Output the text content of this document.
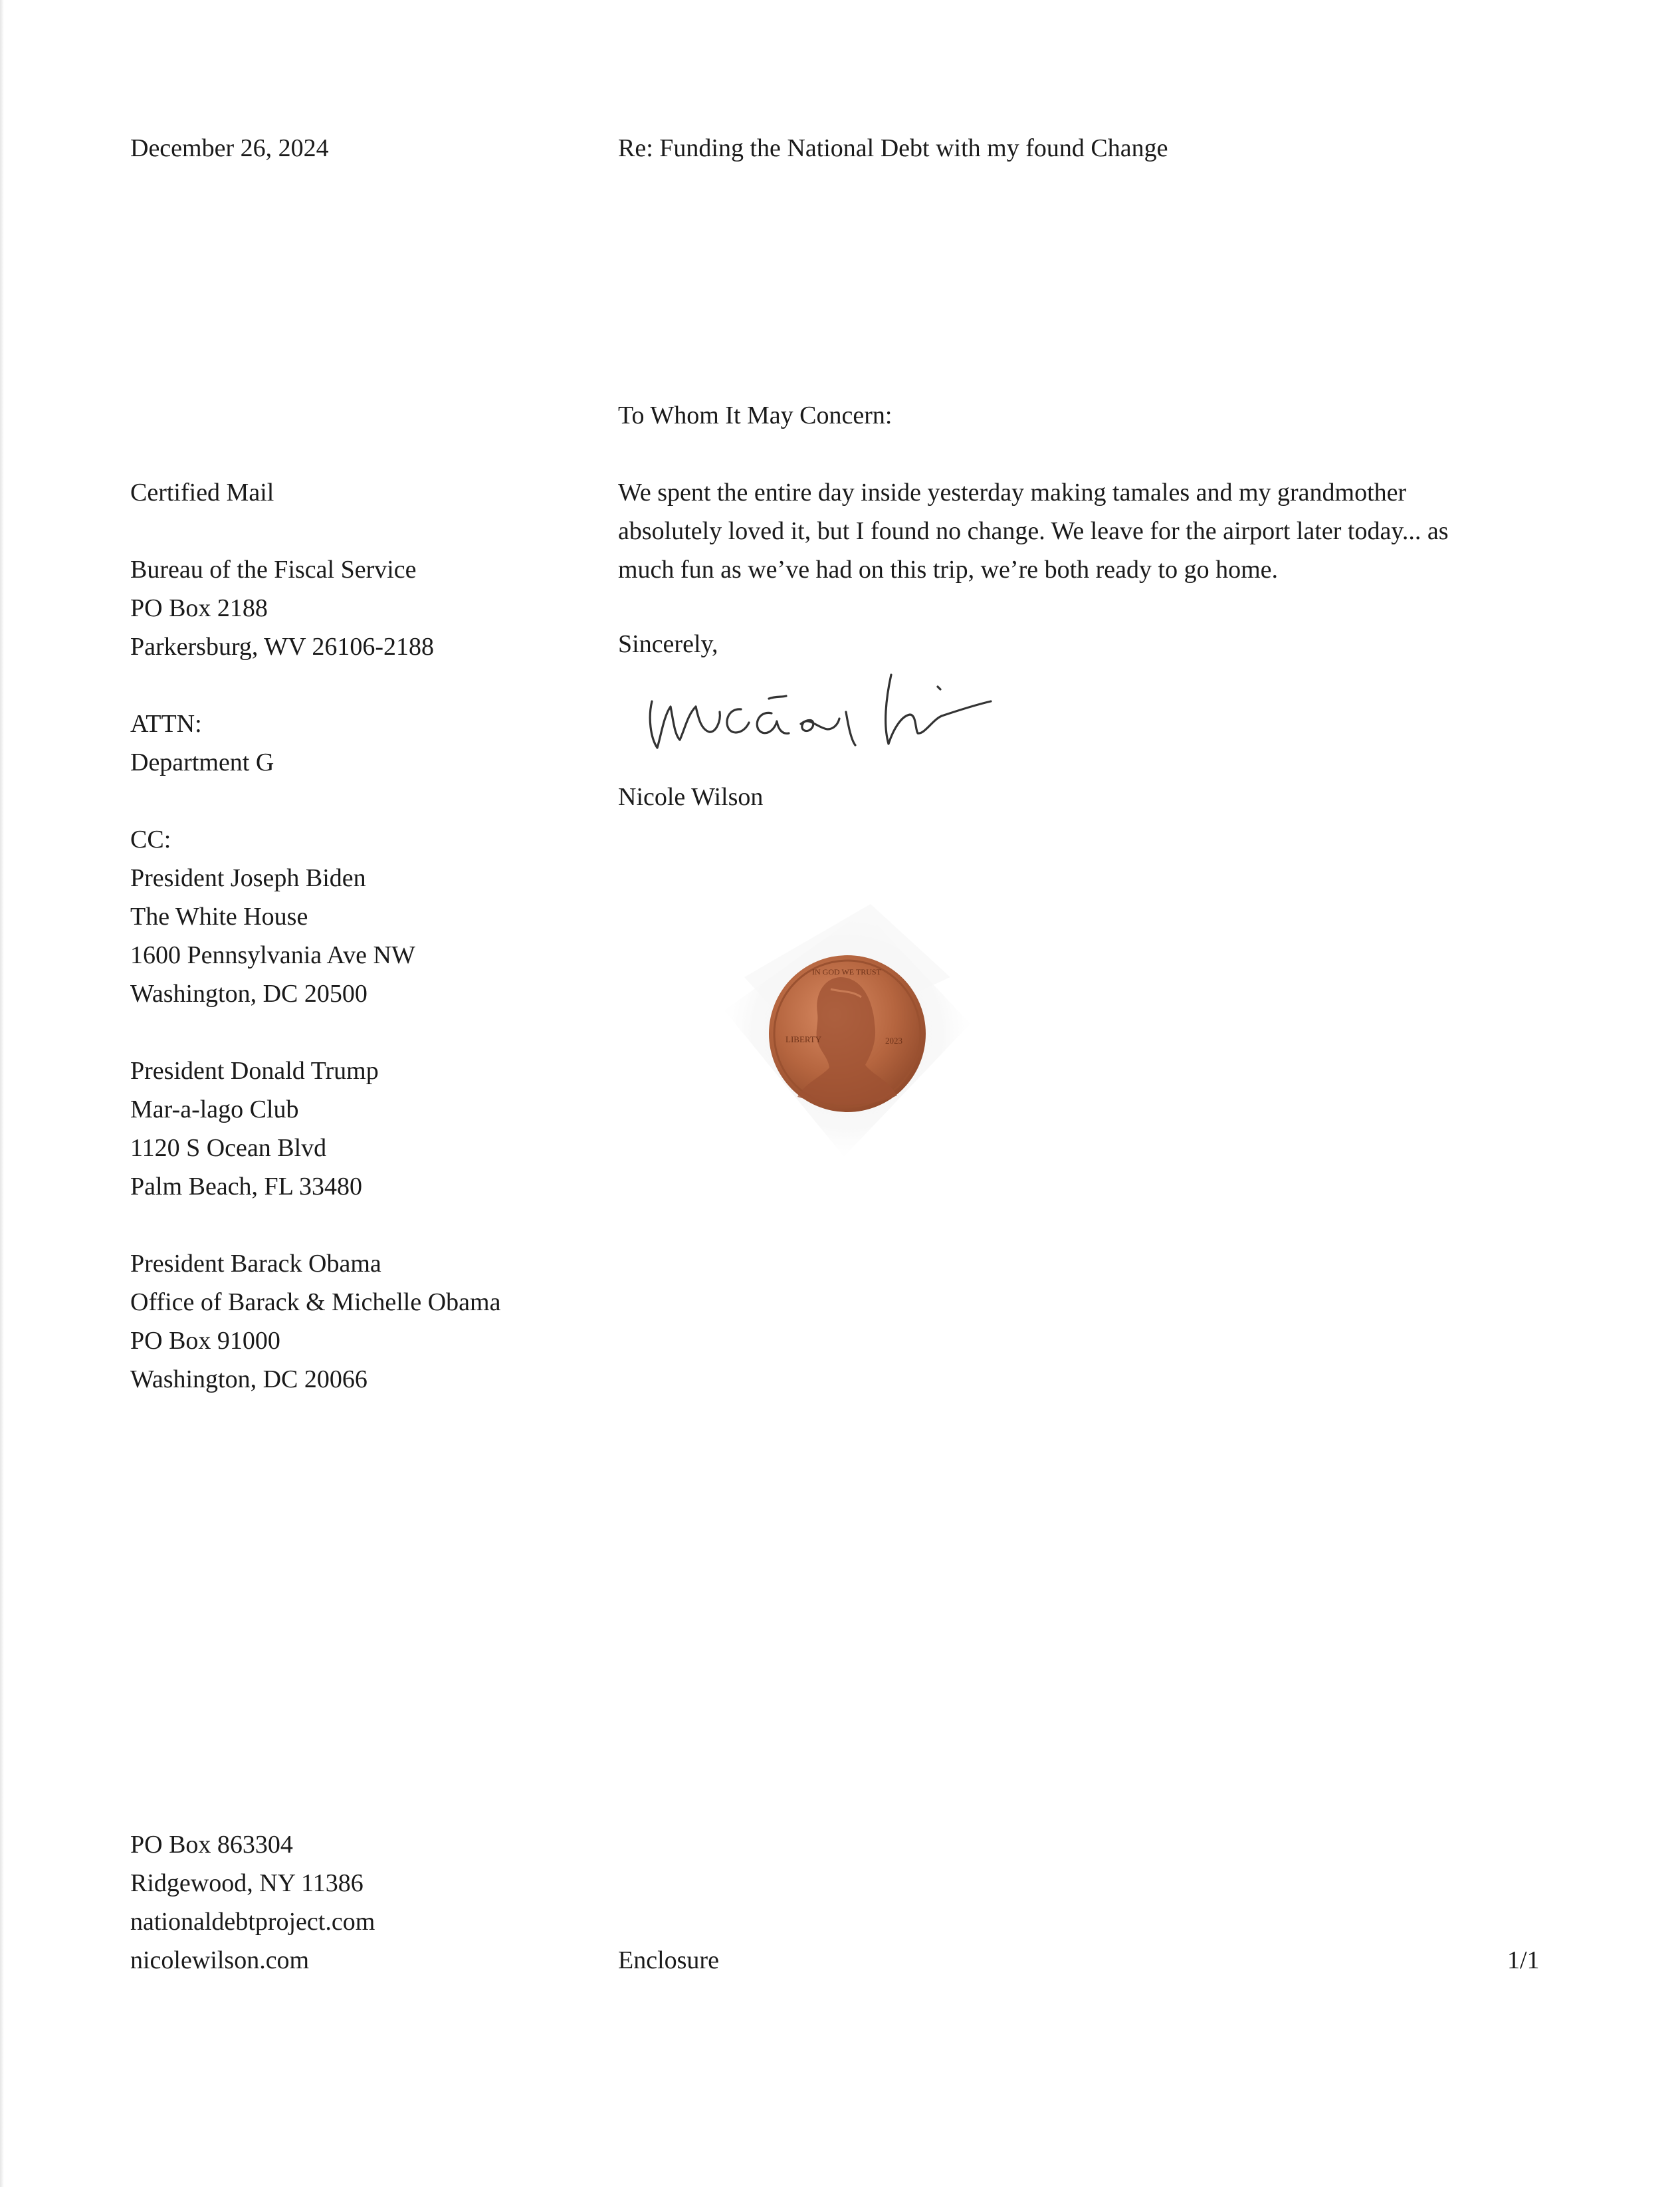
December 26, 2024	Re: Funding the National Debt with my found Change
To Whom It May Concern:
We spent the entire day inside yesterday making tamales and my grandmother
absolutely loved it, but I found no change. We leave for the airport later today... as
much fun as we’ve had on this trip, we’re both ready to go home.
Sincerely,
Nicole Wilson
LIBERTY	2023
IN GOD WE TRUST
Certified Mail
Bureau of the Fiscal Service
PO Box 2188
Parkersburg, WV 26106-2188
ATTN:
Department G
CC:
President Joseph Biden
The White House
1600 Pennsylvania Ave NW
Washington, DC 20500
President Donald Trump
Mar-a-lago Club
1120 S Ocean Blvd
Palm Beach, FL 33480
President Barack Obama
Office of Barack & Michelle Obama
PO Box 91000
Washington, DC 20066
PO Box 863304
Ridgewood, NY 11386
nationaldebtproject.com
nicolewilson.com	Enclosure	1/1
